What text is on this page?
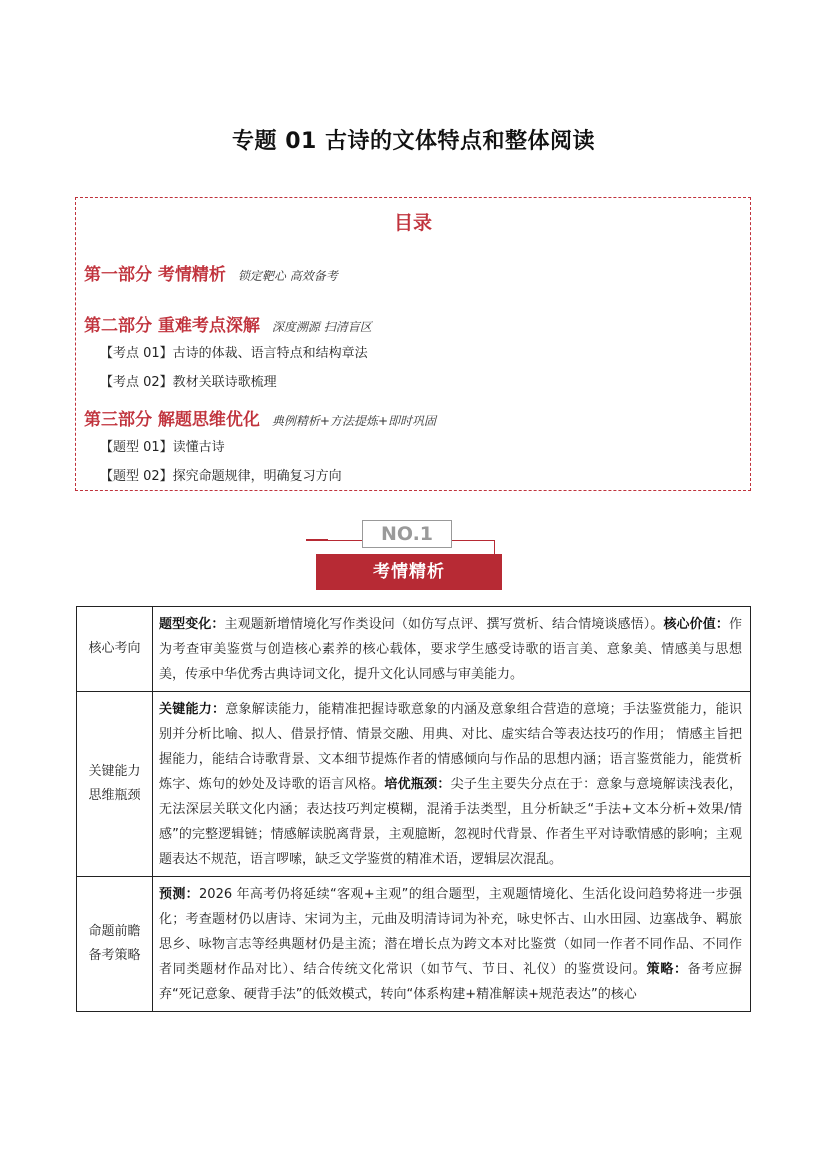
专题 01 古诗的文体特点和整体阅读
目录
第一部分 考情精析 锁定靶心 高效备考
第二部分 重难考点深解 深度溯源 扫清盲区
【考点 01】古诗的体裁、语言特点和结构章法
【考点 02】教材关联诗歌梳理
第三部分 解题思维优化 典例精析+方法提炼+即时巩固
【题型 01】读懂古诗
【题型 02】探究命题规律，明确复习方向
NO.1
考情精析
核心考向	题型变化：主观题新增情境化写作类设问（如仿写点评、撰写赏析、结合情境谈感悟）。核心价值：作为考查审美鉴赏与创造核心素养的核心载体，要求学生感受诗歌的语言美、意象美、情感美与思想美，传承中华优秀古典诗词文化，提升文化认同感与审美能力。
关键能力
思维瓶颈	关键能力：意象解读能力，能精准把握诗歌意象的内涵及意象组合营造的意境；手法鉴赏能力，能识别并分析比喻、拟人、借景抒情、情景交融、用典、对比、虚实结合等表达技巧的作用； 情感主旨把握能力，能结合诗歌背景、文本细节提炼作者的情感倾向与作品的思想内涵；语言鉴赏能力，能赏析炼字、炼句的妙处及诗歌的语言风格。培优瓶颈：尖子生主要失分点在于：意象与意境解读浅表化，无法深层关联文化内涵；表达技巧判定模糊，混淆手法类型，且分析缺乏“手法+文本分析+效果/情感”的完整逻辑链；情感解读脱离背景，主观臆断，忽视时代背景、作者生平对诗歌情感的影响；主观题表达不规范，语言啰嗦，缺乏文学鉴赏的精准术语，逻辑层次混乱。
命题前瞻
备考策略	预测：2026 年高考仍将延续“客观+主观”的组合题型，主观题情境化、生活化设问趋势将进一步强化；考查题材仍以唐诗、宋词为主，元曲及明清诗词为补充，咏史怀古、山水田园、边塞战争、羁旅思乡、咏物言志等经典题材仍是主流；潜在增长点为跨文本对比鉴赏（如同一作者不同作品、不同作者同类题材作品对比）、结合传统文化常识（如节气、节日、礼仪）的鉴赏设问。策略：备考应摒弃“死记意象、硬背手法”的低效模式，转向“体系构建+精准解读+规范表达”的核心
